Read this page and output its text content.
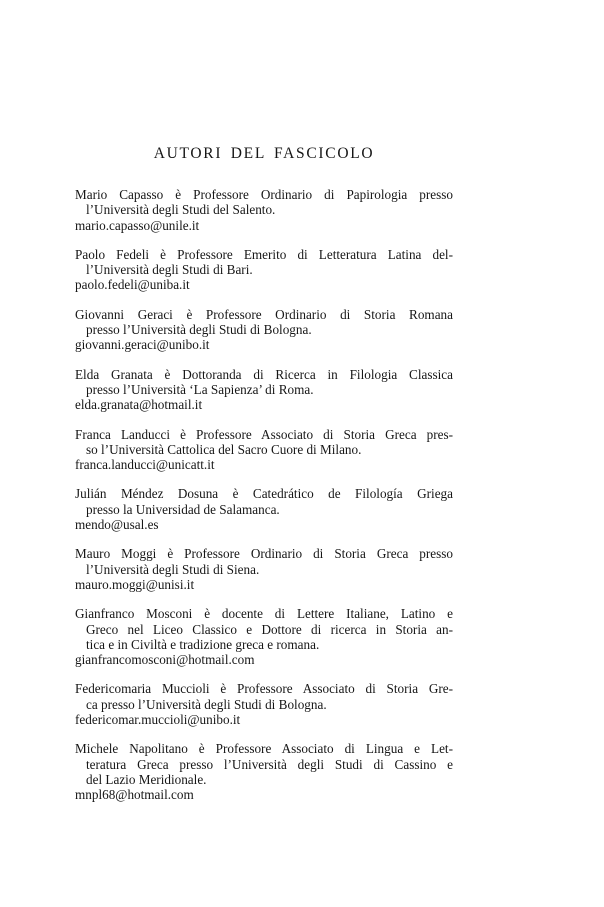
AUTORI DEL FASCICOLO
Mario Capasso è Professore Ordinario di Papirologia presso
l’Università degli Studi del Salento.
mario.capasso@unile.it
Paolo Fedeli è Professore Emerito di Letteratura Latina del-
l’Università degli Studi di Bari.
paolo.fedeli@uniba.it
Giovanni Geraci è Professore Ordinario di Storia Romana
presso l’Università degli Studi di Bologna.
giovanni.geraci@unibo.it
Elda Granata è Dottoranda di Ricerca in Filologia Classica
presso l’Università ‘La Sapienza’ di Roma.
elda.granata@hotmail.it
Franca Landucci è Professore Associato di Storia Greca pres-
so l’Università Cattolica del Sacro Cuore di Milano.
franca.landucci@unicatt.it
Julián Méndez Dosuna è Catedrático de Filología Griega
presso la Universidad de Salamanca.
mendo@usal.es
Mauro Moggi è Professore Ordinario di Storia Greca presso
l’Università degli Studi di Siena.
mauro.moggi@unisi.it
Gianfranco Mosconi è docente di Lettere Italiane, Latino e
Greco nel Liceo Classico e Dottore di ricerca in Storia an-
tica e in Civiltà e tradizione greca e romana.
gianfrancomosconi@hotmail.com
Federicomaria Muccioli è Professore Associato di Storia Gre-
ca presso l’Università degli Studi di Bologna.
federicomar.muccioli@unibo.it
Michele Napolitano è Professore Associato di Lingua e Let-
teratura Greca presso l’Università degli Studi di Cassino e
del Lazio Meridionale.
mnpl68@hotmail.com
